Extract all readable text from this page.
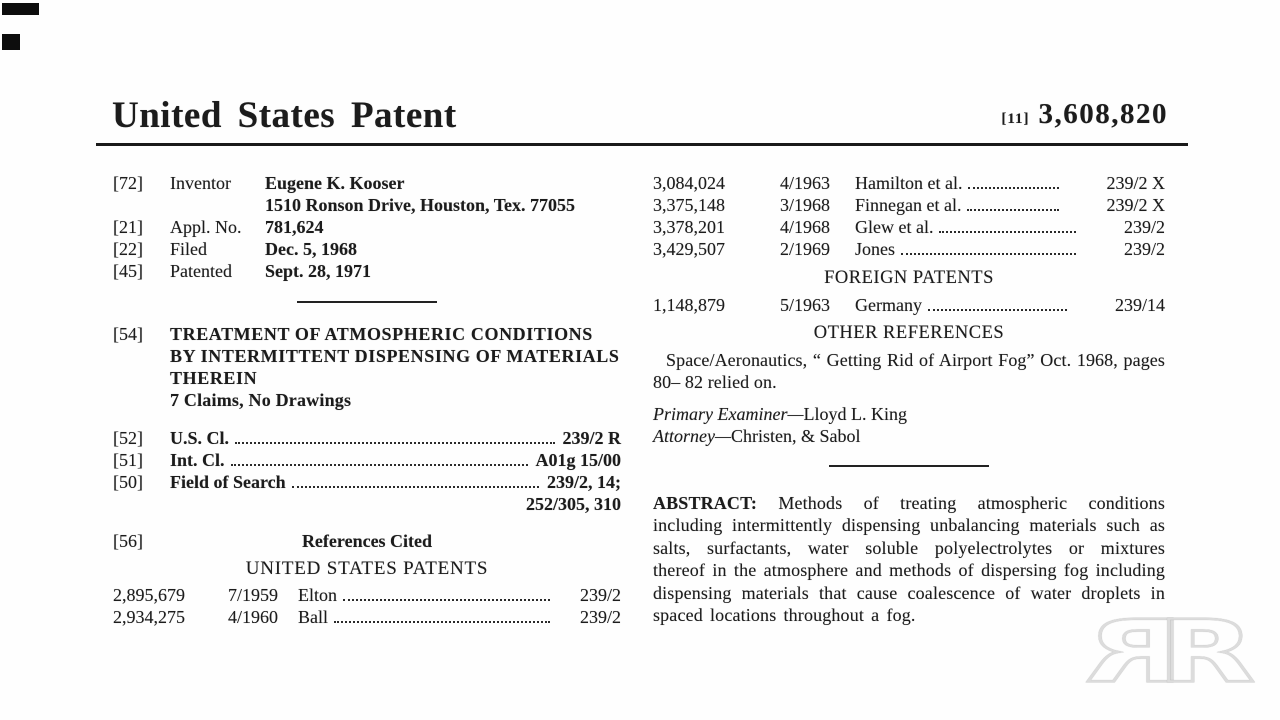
United States Patent	[11] 3,608,820
[72]	Inventor	Eugene K. Kooser
1510 Ronson Drive, Houston, Tex. 77055
[21]	Appl. No.	781,624
[22]	Filed	Dec. 5, 1968
[45]	Patented	Sept. 28, 1971
[54]	TREATMENT OF ATMOSPHERIC CONDITIONS
BY INTERMITTENT DISPENSING OF MATERIALS
THEREIN
7 Claims, No Drawings
[52]	U.S. Cl.	239/2 R
[51]	Int. Cl.	A01g 15/00
[50]	Field of Search	239/2, 14;
252/305, 310
[56]	References Cited
UNITED STATES PATENTS
2,895,679	7/1959	Elton	239/2
2,934,275	4/1960	Ball	239/2
3,084,024	4/1963	Hamilton et al.	239/2 X
3,375,148	3/1968	Finnegan et al.	239/2 X
3,378,201	4/1968	Glew et al.	239/2
3,429,507	2/1969	Jones	239/2
FOREIGN PATENTS
1,148,879	5/1963	Germany	239/14
OTHER REFERENCES
Space/Aeronautics, “ Getting Rid of Airport Fog” Oct. 1968, pages 80– 82 relied on.
Primary Examiner—Lloyd L. King
Attorney—Christen, & Sabol

ABSTRACT: Methods of treating atmospheric conditions including intermittently dispensing unbalancing materials such as salts, surfactants, water soluble polyelectrolytes or mixtures thereof in the atmosphere and methods of dispersing fog including dispensing materials that cause coalescence of water droplets in spaced locations throughout a fog.	R
R
